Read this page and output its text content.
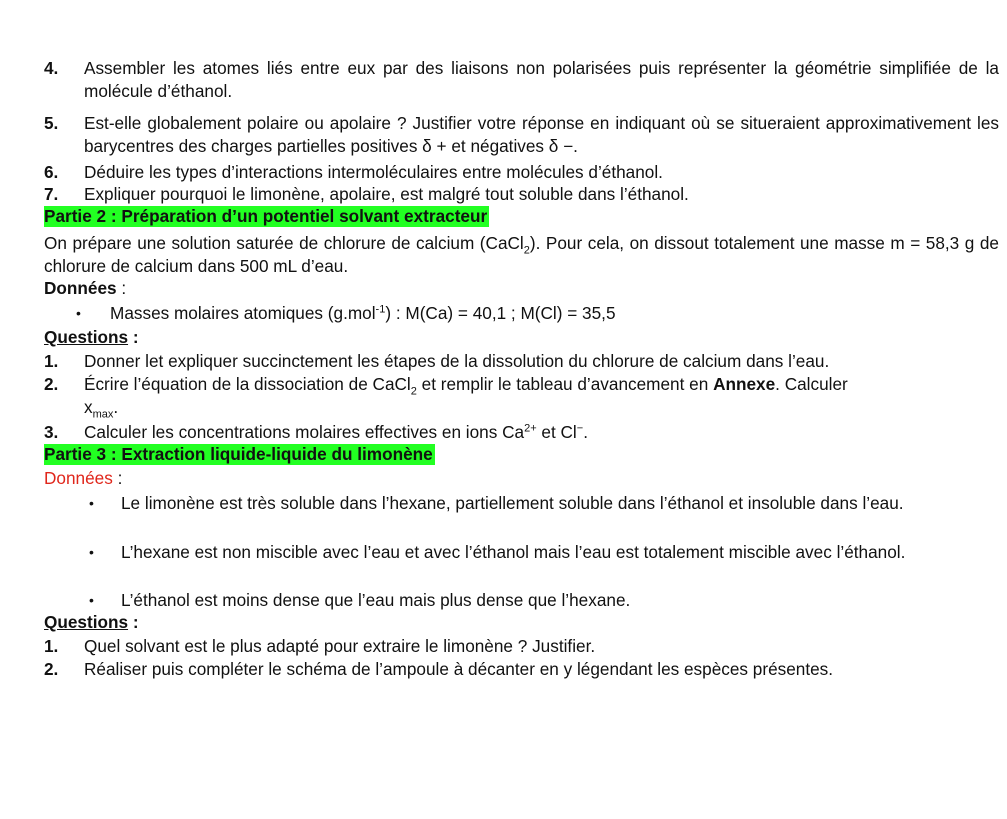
4. Assembler les atomes liés entre eux par des liaisons non polarisées puis représenter la géométrie simplifiée de la molécule d’éthanol.
5. Est-elle globalement polaire ou apolaire ? Justifier votre réponse en indiquant où se situeraient approximativement les barycentres des charges partielles positives δ + et négatives δ −.
6. Déduire les types d’interactions intermoléculaires entre molécules d’éthanol.
7. Expliquer pourquoi le limonène, apolaire, est malgré tout soluble dans l’éthanol.
Partie 2 : Préparation d’un potentiel solvant extracteur
On prépare une solution saturée de chlorure de calcium (CaCl$_2$). Pour cela, on dissout totalement une masse m = 58,3 g de chlorure de calcium dans 500 mL d’eau.
Données :
• Masses molaires atomiques (g.mol$^{-1}$) : M(Ca) = 40,1 ; M(Cl) = 35,5
Questions :
1. Donner let expliquer succinctement les étapes de la dissolution du chlorure de calcium dans l’eau.
2. Écrire l’équation de la dissociation de CaCl$_2$ et remplir le tableau d’avancement en Annexe. Calculer
$x_{max}$.
3. Calculer les concentrations molaires effectives en ions $Ca^{2+}$ et Cl−.
Partie 3 : Extraction liquide-liquide du limonène
Données :
• Le limonène est très soluble dans l’hexane, partiellement soluble dans l’éthanol et insoluble dans l’eau.
• L’hexane est non miscible avec l’eau et avec l’éthanol mais l’eau est totalement miscible avec l’éthanol.
• L’éthanol est moins dense que l’eau mais plus dense que l’hexane.
Questions :
1. Quel solvant est le plus adapté pour extraire le limonène ? Justifier.
2. Réaliser puis compléter le schéma de l’ampoule à décanter en y légendant les espèces présentes.
